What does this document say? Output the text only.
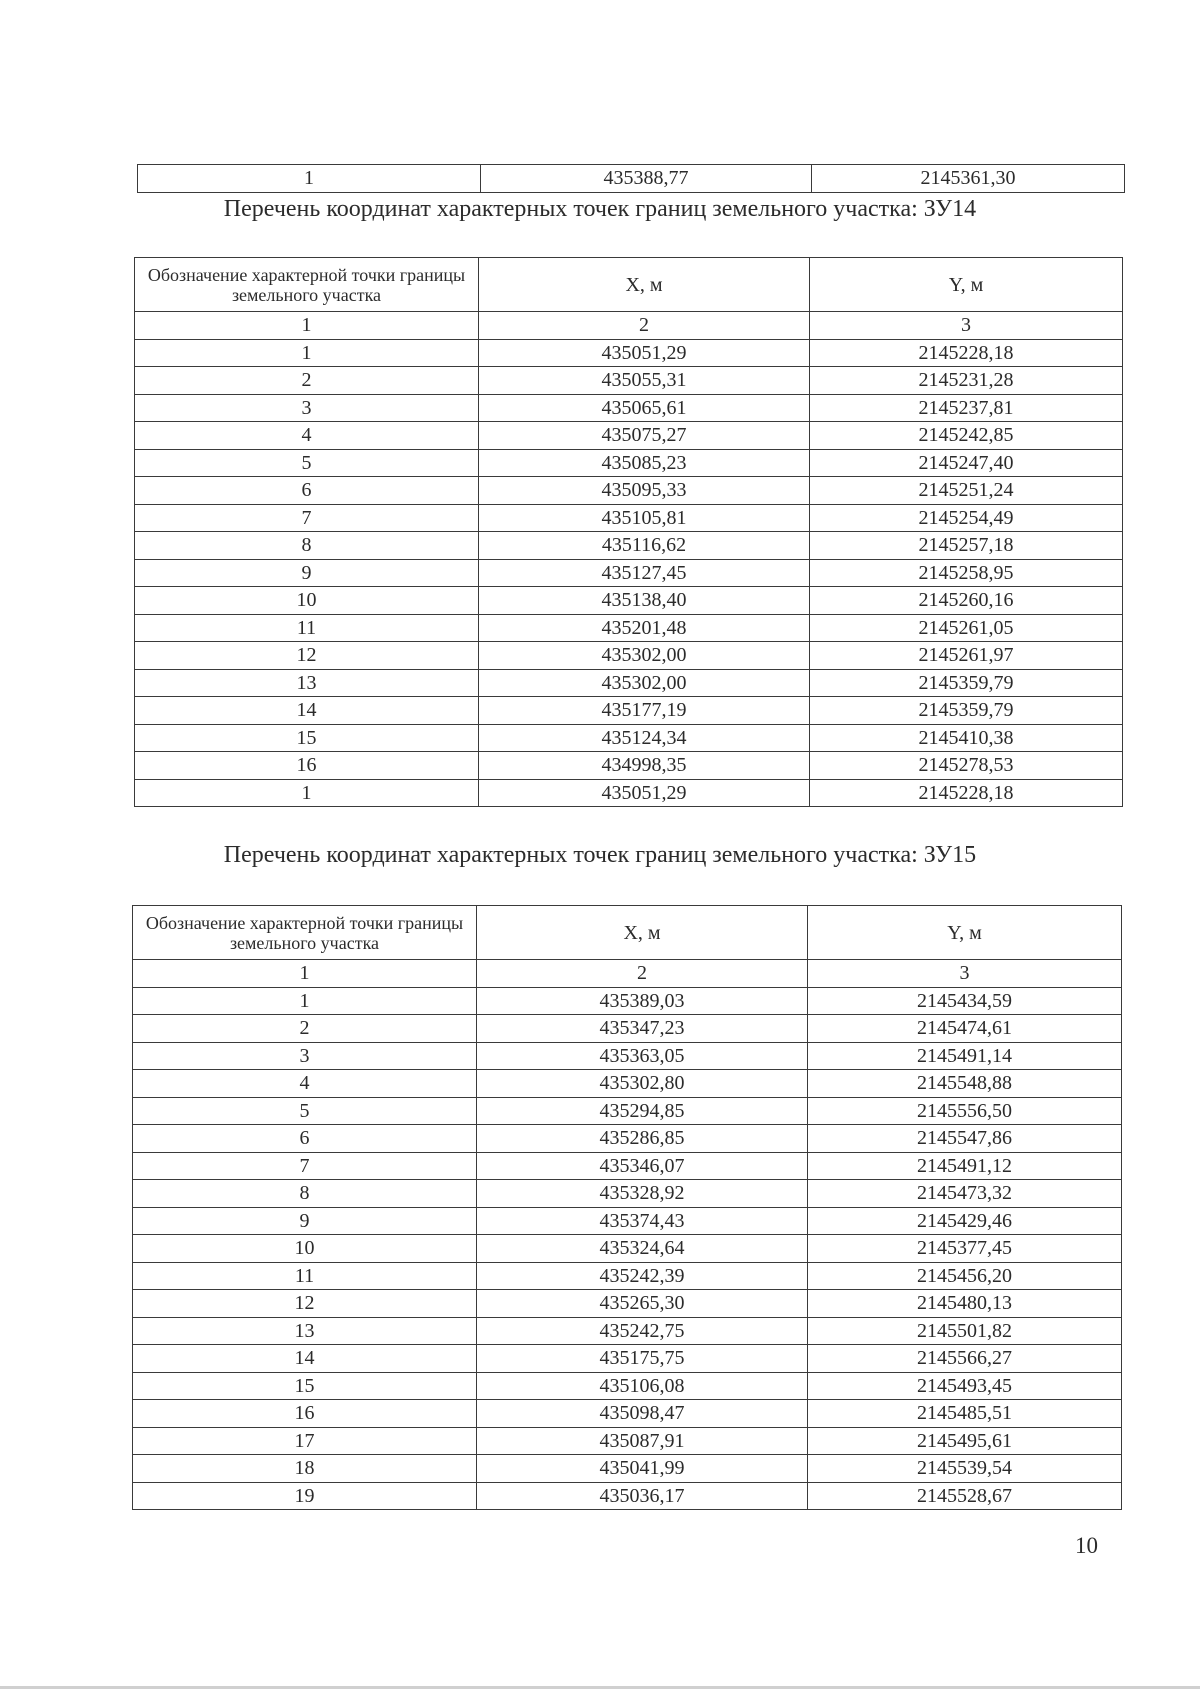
1	435388,77	2145361,30
Перечень координат характерных точек границ земельного участка: ЗУ14
Обозначение характерной точки границы земельного участка	X, м	Y, м
1	2	3
1	435051,29	2145228,18
2	435055,31	2145231,28
3	435065,61	2145237,81
4	435075,27	2145242,85
5	435085,23	2145247,40
6	435095,33	2145251,24
7	435105,81	2145254,49
8	435116,62	2145257,18
9	435127,45	2145258,95
10	435138,40	2145260,16
11	435201,48	2145261,05
12	435302,00	2145261,97
13	435302,00	2145359,79
14	435177,19	2145359,79
15	435124,34	2145410,38
16	434998,35	2145278,53
1	435051,29	2145228,18
Перечень координат характерных точек границ земельного участка: ЗУ15
Обозначение характерной точки границы земельного участка	X, м	Y, м
1	2	3
1	435389,03	2145434,59
2	435347,23	2145474,61
3	435363,05	2145491,14
4	435302,80	2145548,88
5	435294,85	2145556,50
6	435286,85	2145547,86
7	435346,07	2145491,12
8	435328,92	2145473,32
9	435374,43	2145429,46
10	435324,64	2145377,45
11	435242,39	2145456,20
12	435265,30	2145480,13
13	435242,75	2145501,82
14	435175,75	2145566,27
15	435106,08	2145493,45
16	435098,47	2145485,51
17	435087,91	2145495,61
18	435041,99	2145539,54
19	435036,17	2145528,67
10
